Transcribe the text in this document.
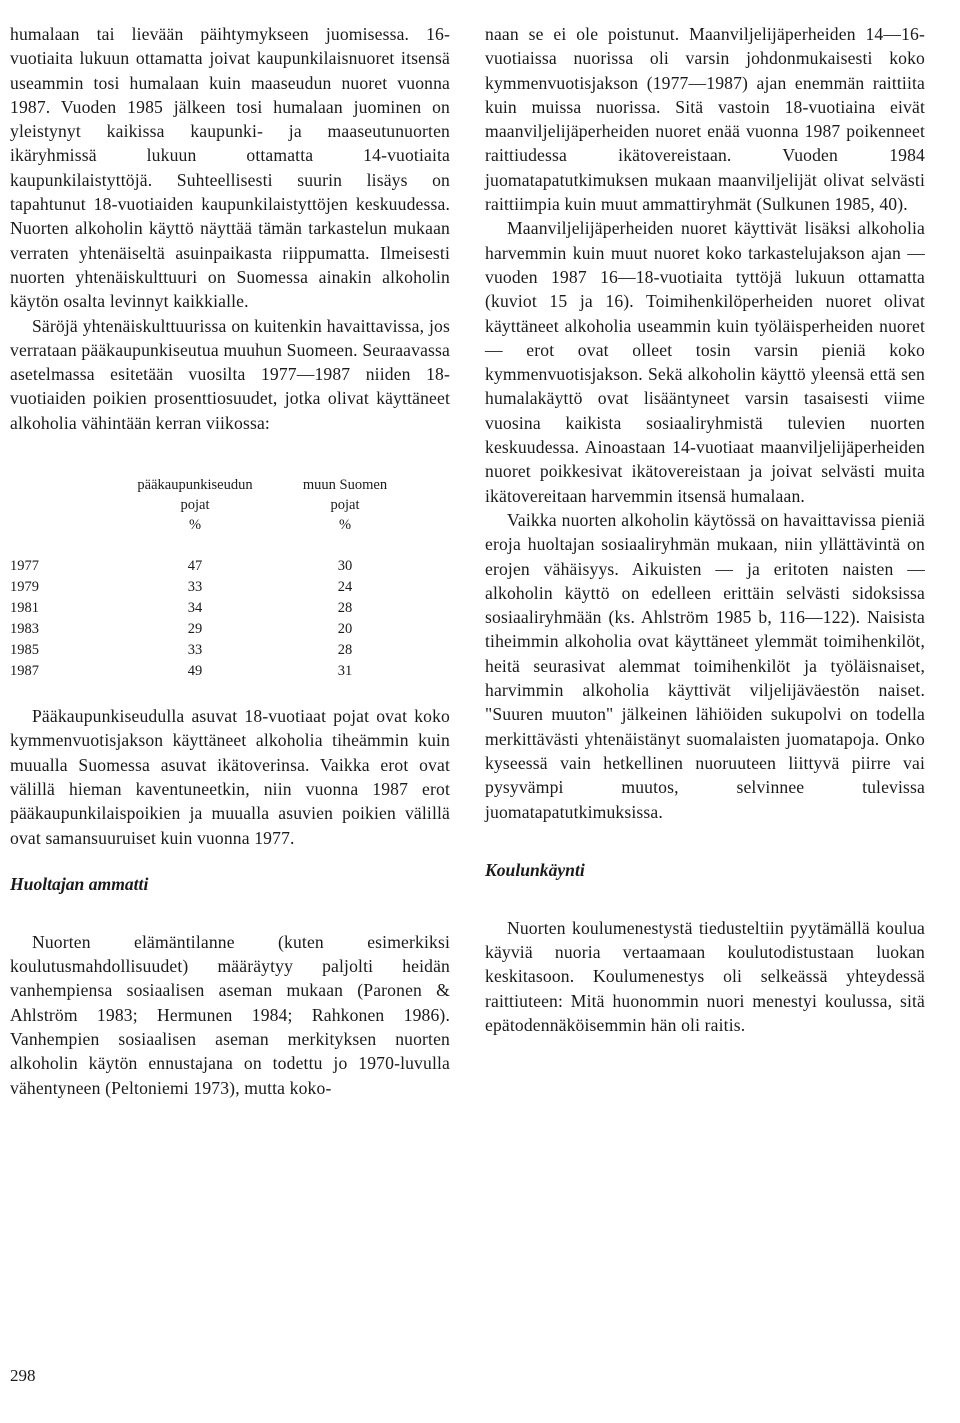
humalaan tai lievään päihtymykseen juomisessa. 16-vuotiaita lukuun ottamatta joivat kaupunkilaisnuoret itsensä useammin tosi humalaan kuin maaseudun nuoret vuonna 1987. Vuoden 1985 jälkeen tosi humalaan juominen on yleistynyt kaikissa kaupunki- ja maaseutunuorten ikäryhmissä lukuun ottamatta 14-vuotiaita kaupunkilaistyttöjä. Suhteellisesti suurin lisäys on tapahtunut 18-vuotiaiden kaupunkilaistyttöjen keskuudessa. Nuorten alkoholin käyttö näyttää tämän tarkastelun mukaan verraten yhtenäiseltä asuinpaikasta riippumatta. Ilmeisesti nuorten yhtenäiskulttuuri on Suomessa ainakin alkoholin käytön osalta levinnyt kaikkialle.

Säröjä yhtenäiskulttuurissa on kuitenkin havaittavissa, jos verrataan pääkaupunkiseutua muuhun Suomeen. Seuraavassa asetelmassa esitetään vuosilta 1977—1987 niiden 18-vuotiaiden poikien prosenttiosuudet, jotka olivat käyttäneet alkoholia vähintään kerran viikossa:

	pääkaupunkiseudun	muun Suomen
	pojat	pojat
	%	%

1977	47	30
1979	33	24
1981	34	28
1983	29	20
1985	33	28
1987	49	31

Pääkaupunkiseudulla asuvat 18-vuotiaat pojat ovat koko kymmenvuotisjakson käyttäneet alkoholia tiheämmin kuin muualla Suomessa asuvat ikätoverinsa. Vaikka erot ovat välillä hieman kaventuneetkin, niin vuonna 1987 erot pääkaupunkilaispoikien ja muualla asuvien poikien välillä ovat samansuuruiset kuin vuonna 1977.

Huoltajan ammatti

Nuorten elämäntilanne (kuten esimerkiksi koulutusmahdollisuudet) määräytyy paljolti heidän vanhempiensa sosiaalisen aseman mukaan (Paronen & Ahlström 1983; Hermunen 1984; Rahkonen 1986). Vanhempien sosiaalisen aseman merkityksen nuorten alkoholin käytön ennustajana on todettu jo 1970-luvulla vähentyneen (Peltoniemi 1973), mutta koko-

naan se ei ole poistunut. Maanviljelijäperheiden 14—16-vuotiaissa nuorissa oli varsin johdonmukaisesti koko kymmenvuotisjakson (1977—1987) ajan enemmän raittiita kuin muissa nuorissa. Sitä vastoin 18-vuotiaina eivät maanviljelijäperheiden nuoret enää vuonna 1987 poikenneet raittiudessa ikätovereistaan. Vuoden 1984 juomatapatutkimuksen mukaan maanviljelijät olivat selvästi raittiimpia kuin muut ammattiryhmät (Sulkunen 1985, 40).

Maanviljelijäperheiden nuoret käyttivät lisäksi alkoholia harvemmin kuin muut nuoret koko tarkastelujakson ajan — vuoden 1987 16—18-vuotiaita tyttöjä lukuun ottamatta (kuviot 15 ja 16). Toimihenkilöperheiden nuoret olivat käyttäneet alkoholia useammin kuin työläisperheiden nuoret — erot ovat olleet tosin varsin pieniä koko kymmenvuotisjakson. Sekä alkoholin käyttö yleensä että sen humalakäyttö ovat lisääntyneet varsin tasaisesti viime vuosina kaikista sosiaaliryhmistä tulevien nuorten keskuudessa. Ainoastaan 14-vuotiaat maanviljelijäperheiden nuoret poikkesivat ikätovereistaan ja joivat selvästi muita ikätovereitaan harvemmin itsensä humalaan.

Vaikka nuorten alkoholin käytössä on havaittavissa pieniä eroja huoltajan sosiaaliryhmän mukaan, niin yllättävintä on erojen vähäisyys. Aikuisten — ja eritoten naisten — alkoholin käyttö on edelleen erittäin selvästi sidoksissa sosiaaliryhmään (ks. Ahlström 1985 b, 116—122). Naisista tiheimmin alkoholia ovat käyttäneet ylemmät toimihenkilöt, heitä seurasivat alemmat toimihenkilöt ja työläisnaiset, harvimmin alkoholia käyttivät viljelijäväestön naiset. "Suuren muuton" jälkeinen lähiöiden sukupolvi on todella merkittävästi yhtenäistänyt suomalaisten juomatapoja. Onko kyseessä vain hetkellinen nuoruuteen liittyvä piirre vai pysyvämpi muutos, selvinnee tulevissa juomatapatutkimuksissa.

Koulunkäynti

Nuorten koulumenestystä tiedusteltiin pyytämällä koulua käyviä nuoria vertaamaan koulutodistustaan luokan keskitasoon. Koulumenestys oli selkeässä yhteydessä raittiuteen: Mitä huonommin nuori menestyi koulussa, sitä epätodennäköisemmin hän oli raitis.

298
